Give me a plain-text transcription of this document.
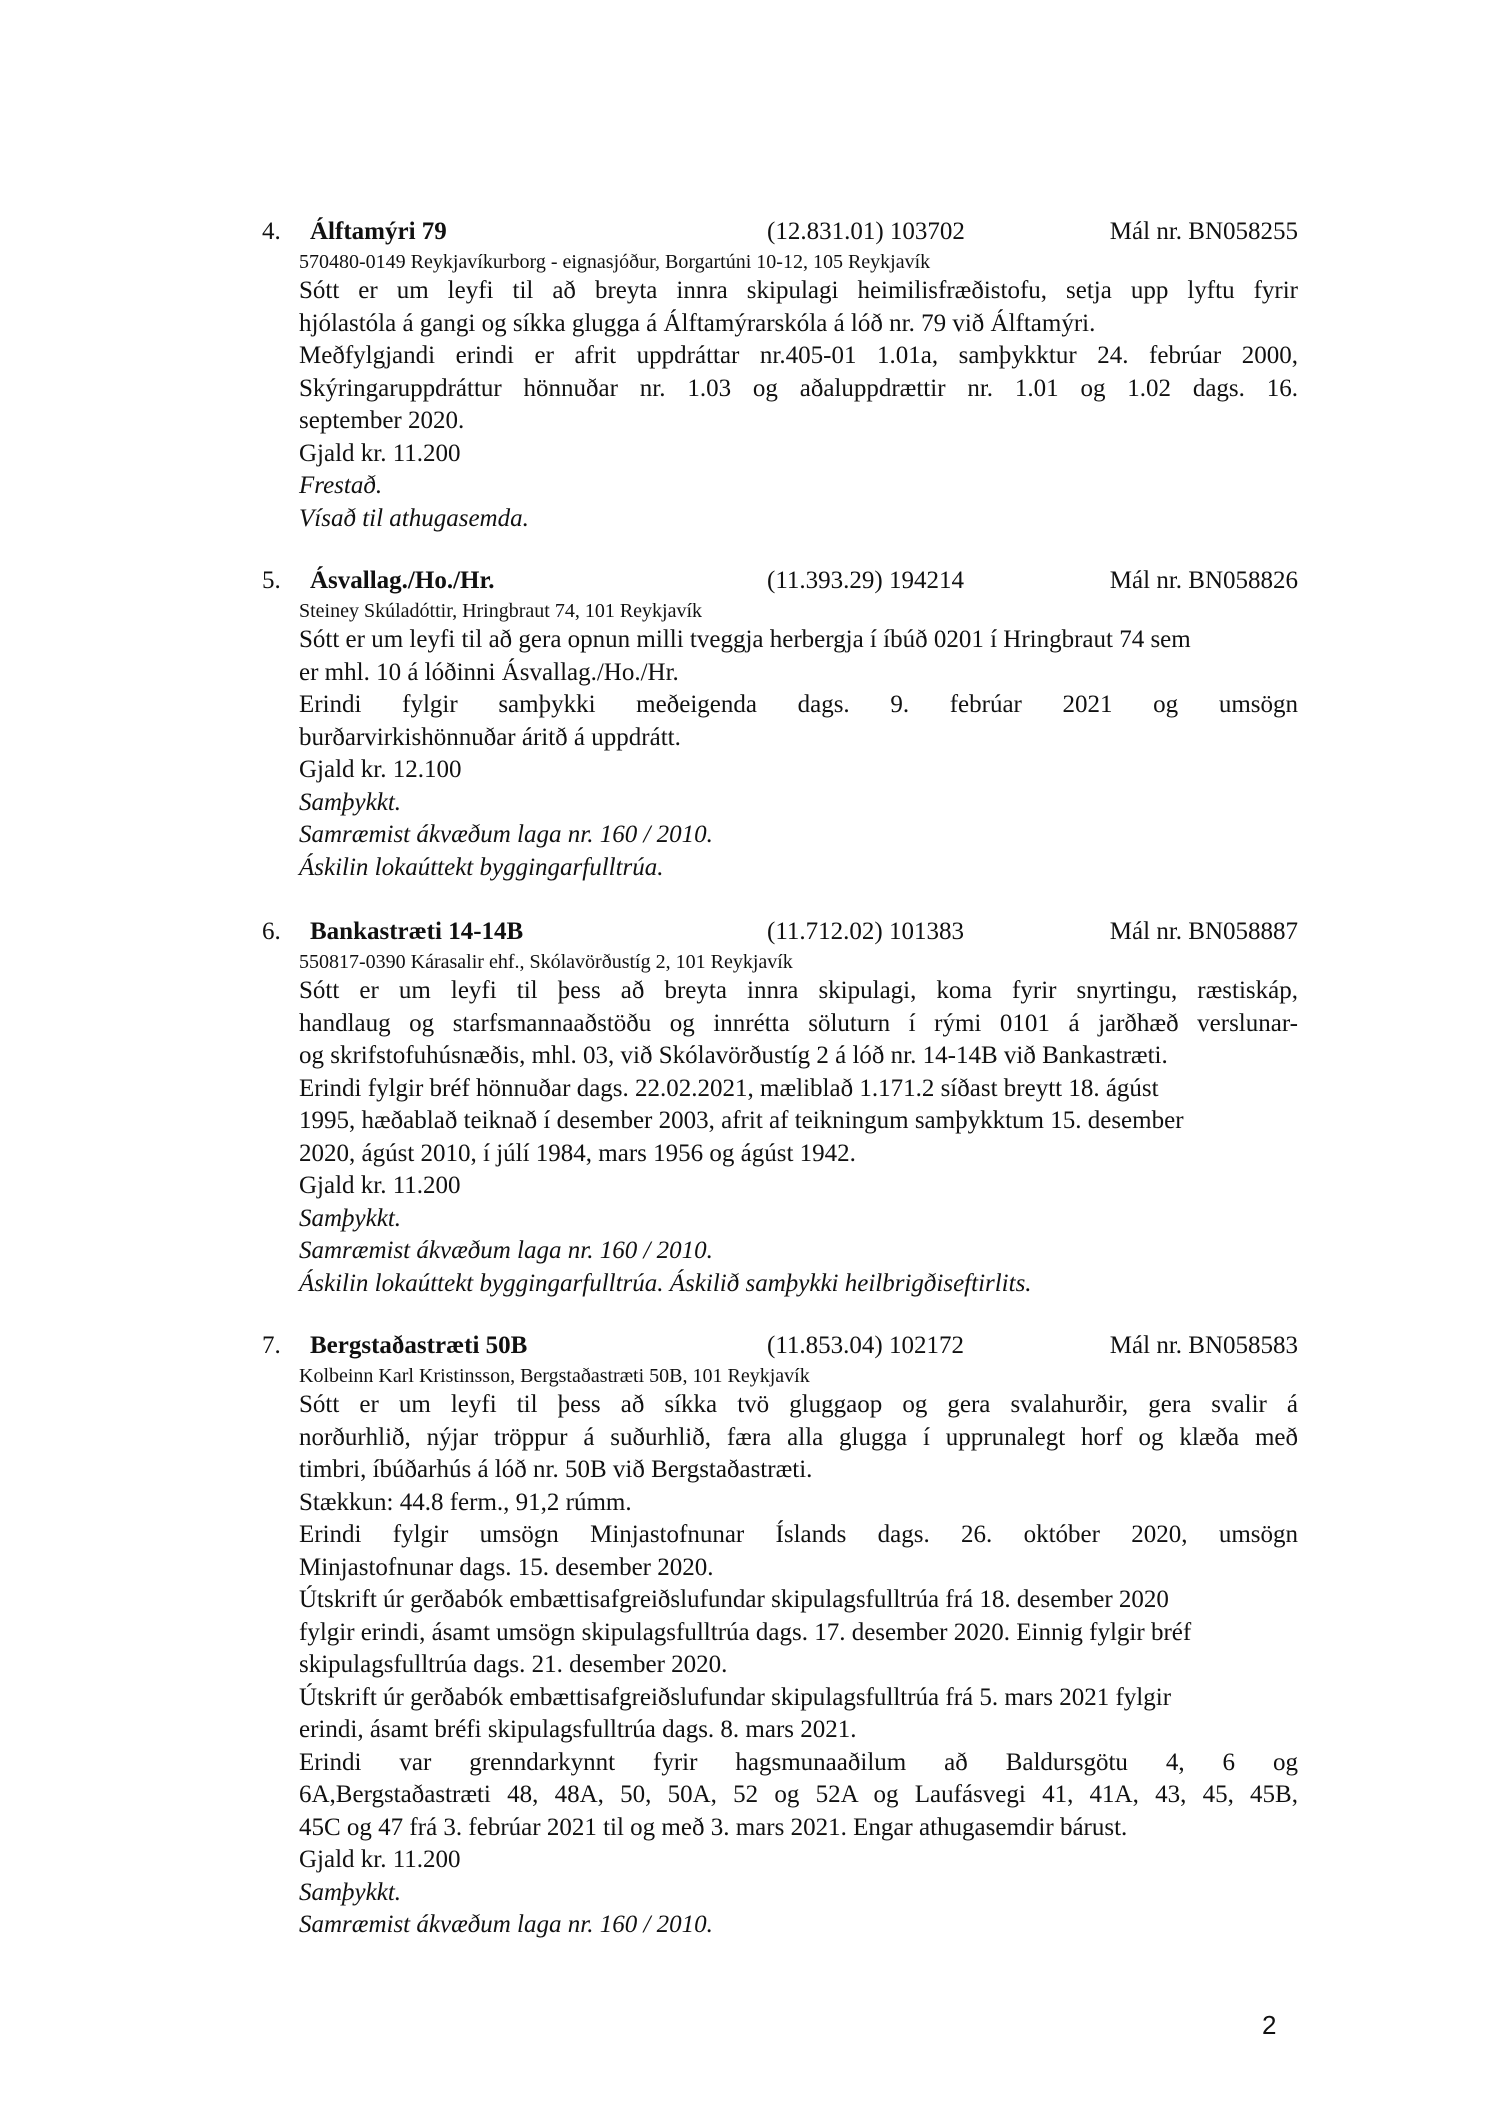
4. Álftamýri 79	(12.831.01) 103702	Mál nr. BN058255
570480-0149 Reykjavíkurborg - eignasjóður, Borgartúni 10-12, 105 Reykjavík
Sótt er um leyfi til að breyta innra skipulagi heimilisfræðistofu, setja upp lyftu fyrir
hjólastóla á gangi og síkka glugga á Álftamýrarskóla á lóð nr. 79 við Álftamýri.
Meðfylgjandi erindi er afrit uppdráttar nr.405-01 1.01a, samþykktur 24. febrúar 2000,
Skýringaruppdráttur hönnuðar nr. 1.03 og aðaluppdrættir nr. 1.01 og 1.02 dags. 16.
september 2020.
Gjald kr. 11.200
Frestað.
Vísað til athugasemda.
5. Ásvallag./Ho./Hr.	(11.393.29) 194214	Mál nr. BN058826
Steiney Skúladóttir, Hringbraut 74, 101 Reykjavík
Sótt er um leyfi til að gera opnun milli tveggja herbergja í íbúð 0201 í Hringbraut 74 sem
er mhl. 10 á lóðinni Ásvallag./Ho./Hr.
Erindi fylgir samþykki meðeigenda dags. 9. febrúar 2021 og umsögn
burðarvirkishönnuðar áritð á uppdrátt.
Gjald kr. 12.100
Samþykkt.
Samræmist ákvæðum laga nr. 160 / 2010.
Áskilin lokaúttekt byggingarfulltrúa.
6. Bankastræti 14-14B	(11.712.02) 101383	Mál nr. BN058887
550817-0390 Kárasalir ehf., Skólavörðustíg 2, 101 Reykjavík
Sótt er um leyfi til þess að breyta innra skipulagi, koma fyrir snyrtingu, ræstiskáp,
handlaug og starfsmannaaðstöðu og innrétta söluturn í rými 0101 á jarðhæð verslunar-
og skrifstofuhúsnæðis, mhl. 03, við Skólavörðustíg 2 á lóð nr. 14-14B við Bankastræti.
Erindi fylgir bréf hönnuðar dags. 22.02.2021, mæliblað 1.171.2 síðast breytt 18. ágúst
1995, hæðablað teiknað í desember 2003, afrit af teikningum samþykktum 15. desember
2020, ágúst 2010, í júlí 1984, mars 1956 og ágúst 1942.
Gjald kr. 11.200
Samþykkt.
Samræmist ákvæðum laga nr. 160 / 2010.
Áskilin lokaúttekt byggingarfulltrúa. Áskilið samþykki heilbrigðiseftirlits.
7. Bergstaðastræti 50B	(11.853.04) 102172	Mál nr. BN058583
Kolbeinn Karl Kristinsson, Bergstaðastræti 50B, 101 Reykjavík
Sótt er um leyfi til þess að síkka tvö gluggaop og gera svalahurðir, gera svalir á
norðurhlið, nýjar tröppur á suðurhlið, færa alla glugga í upprunalegt horf og klæða með
timbri, íbúðarhús á lóð nr. 50B við Bergstaðastræti.
Stækkun: 44.8 ferm., 91,2 rúmm.
Erindi fylgir umsögn Minjastofnunar Íslands dags. 26. október 2020, umsögn
Minjastofnunar dags. 15. desember 2020.
Útskrift úr gerðabók embættisafgreiðslufundar skipulagsfulltrúa frá 18. desember 2020
fylgir erindi, ásamt umsögn skipulagsfulltrúa dags. 17. desember 2020. Einnig fylgir bréf
skipulagsfulltrúa dags. 21. desember 2020.
Útskrift úr gerðabók embættisafgreiðslufundar skipulagsfulltrúa frá 5. mars 2021 fylgir
erindi, ásamt bréfi skipulagsfulltrúa dags. 8. mars 2021.
Erindi var grenndarkynnt fyrir hagsmunaaðilum að Baldursgötu 4, 6 og
6A,Bergstaðastræti 48, 48A, 50, 50A, 52 og 52A og Laufásvegi 41, 41A, 43, 45, 45B,
45C og 47 frá 3. febrúar 2021 til og með 3. mars 2021. Engar athugasemdir bárust.
Gjald kr. 11.200
Samþykkt.
Samræmist ákvæðum laga nr. 160 / 2010.
2
